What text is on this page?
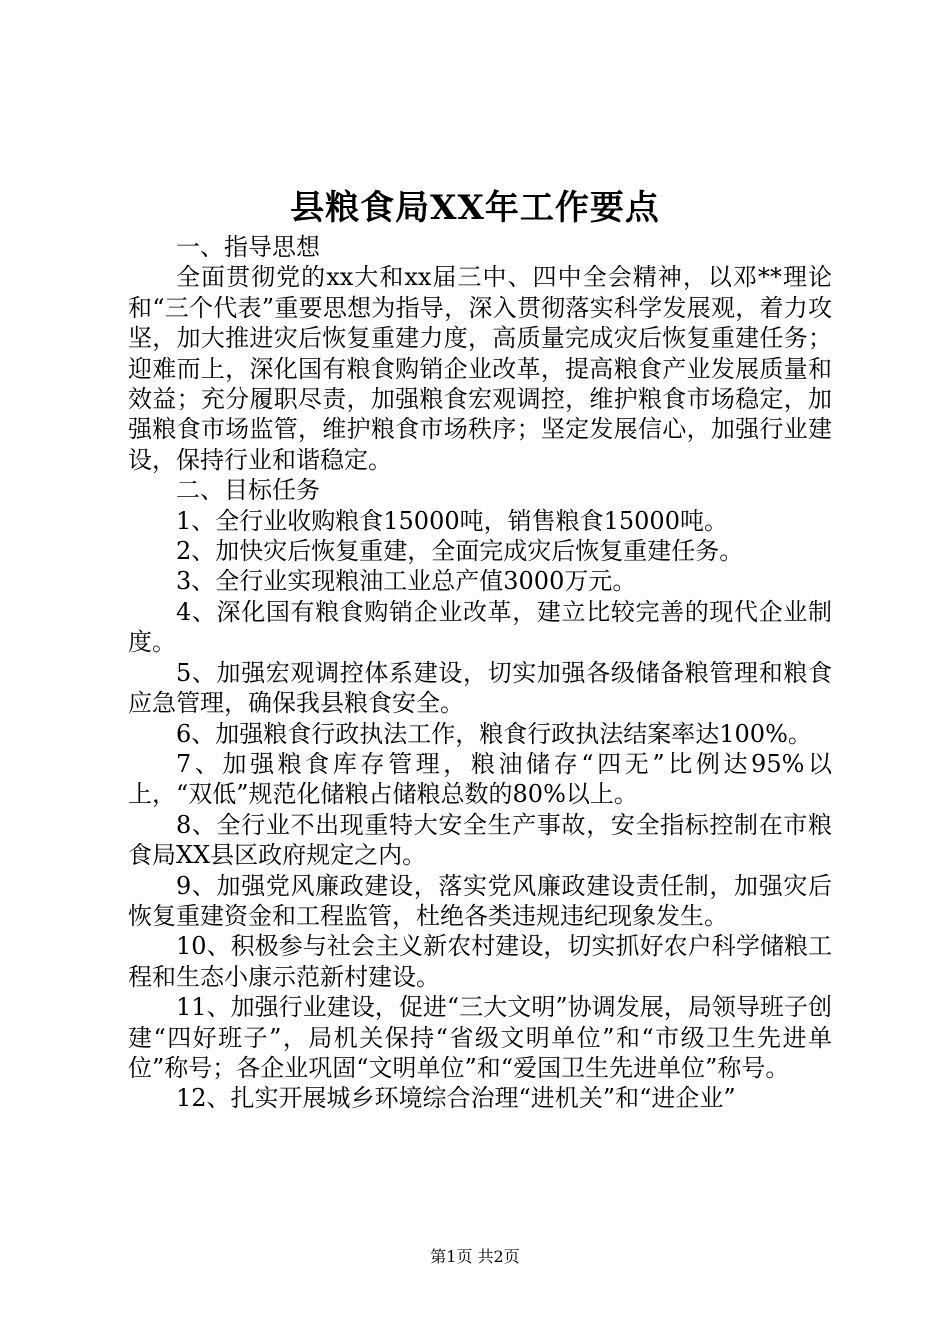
县粮食局XX年工作要点

一、指导思想

全面贯彻党的xx大和xx届三中、四中全会精神，以邓**理论和“三个代表”重要思想为指导，深入贯彻落实科学发展观，着力攻坚，加大推进灾后恢复重建力度，高质量完成灾后恢复重建任务；迎难而上，深化国有粮食购销企业改革，提高粮食产业发展质量和效益；充分履职尽责，加强粮食宏观调控，维护粮食市场稳定，加强粮食市场监管，维护粮食市场秩序；坚定发展信心，加强行业建设，保持行业和谐稳定。

二、目标任务

1、全行业收购粮食15000吨，销售粮食15000吨。

2、加快灾后恢复重建，全面完成灾后恢复重建任务。

3、全行业实现粮油工业总产值3000万元。

4、深化国有粮食购销企业改革，建立比较完善的现代企业制度。

5、加强宏观调控体系建设，切实加强各级储备粮管理和粮食应急管理，确保我县粮食安全。

6、加强粮食行政执法工作，粮食行政执法结案率达100%。

7、加强粮食库存管理，粮油储存“四无”比例达95%以上，“双低”规范化储粮占储粮总数的80%以上。

8、全行业不出现重特大安全生产事故，安全指标控制在市粮食局XX县区政府规定之内。

9、加强党风廉政建设，落实党风廉政建设责任制，加强灾后恢复重建资金和工程监管，杜绝各类违规违纪现象发生。

10、积极参与社会主义新农村建设，切实抓好农户科学储粮工程和生态小康示范新村建设。

11、加强行业建设，促进“三大文明”协调发展，局领导班子创建“四好班子”，局机关保持“省级文明单位”和“市级卫生先进单位”称号；各企业巩固“文明单位”和“爱国卫生先进单位”称号。

12、扎实开展城乡环境综合治理“进机关”和“进企业”

第1页 共2页
